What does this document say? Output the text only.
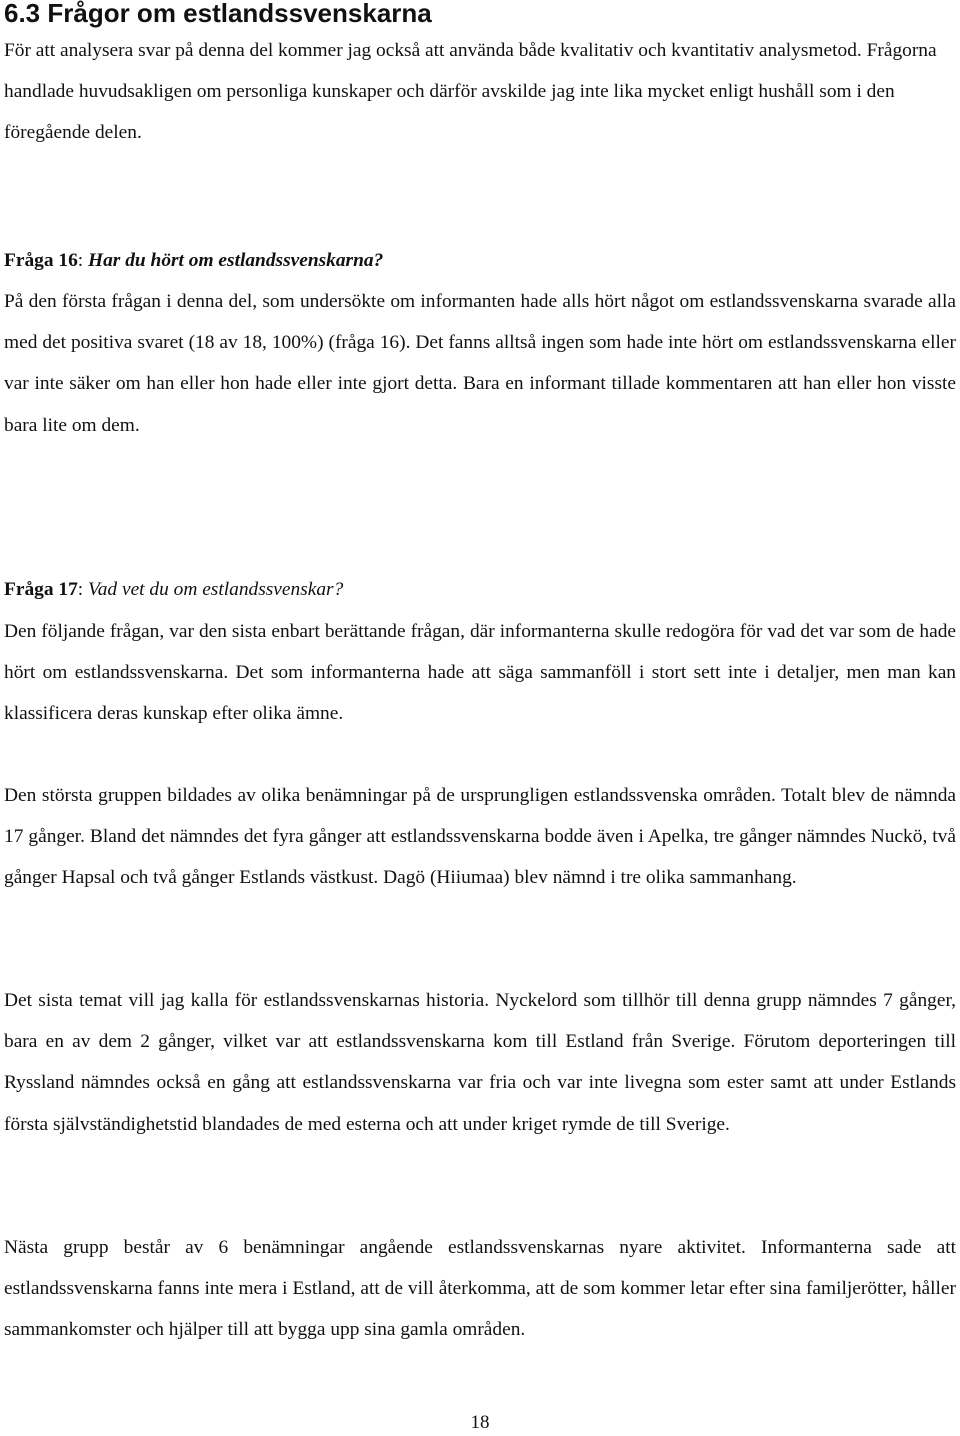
6.3 Frågor om estlandssvenskarna

För att analysera svar på denna del kommer jag också att använda både kvalitativ och kvantitativ analysmetod. Frågorna handlade huvudsakligen om personliga kunskaper och därför avskilde jag inte lika mycket enligt hushåll som i den föregående delen.

Fråga 16: Har du hört om estlandssvenskarna?

På den första frågan i denna del, som undersökte om informanten hade alls hört något om estlandssvenskarna svarade alla med det positiva svaret (18 av 18, 100%) (fråga 16). Det fanns alltså ingen som hade inte hört om estlandssvenskarna eller var inte säker om han eller hon hade eller inte gjort detta. Bara en informant tillade kommentaren att han eller hon visste bara lite om dem.

Fråga 17: Vad vet du om estlandssvenskar?

Den följande frågan, var den sista enbart berättande frågan, där informanterna skulle redogöra för vad det var som de hade hört om estlandssvenskarna. Det som informanterna hade att säga sammanföll i stort sett inte i detaljer, men man kan klassificera deras kunskap efter olika ämne.

Den största gruppen bildades av olika benämningar på de ursprungligen estlandssvenska områden. Totalt blev de nämnda 17 gånger. Bland det nämndes det fyra gånger att estlandssvenskarna bodde även i Apelka, tre gånger nämndes Nuckö, två gånger Hapsal och två gånger Estlands västkust. Dagö (Hiiumaa) blev nämnd i tre olika sammanhang.

Det sista temat vill jag kalla för estlandssvenskarnas historia. Nyckelord som tillhör till denna grupp nämndes 7 gånger, bara en av dem 2 gånger, vilket var att estlandssvenskarna kom till Estland från Sverige. Förutom deporteringen till Ryssland nämndes också en gång att estlandssvenskarna var fria och var inte livegna som ester samt att under Estlands första självständighetstid blandades de med esterna och att under kriget rymde de till Sverige.

Nästa grupp består av 6 benämningar angående estlandssvenskarnas nyare aktivitet. Informanterna sade att estlandssvenskarna fanns inte mera i Estland, att de vill återkomma, att de som kommer letar efter sina familjerötter, håller sammankomster och hjälper till att bygga upp sina gamla områden.

18
